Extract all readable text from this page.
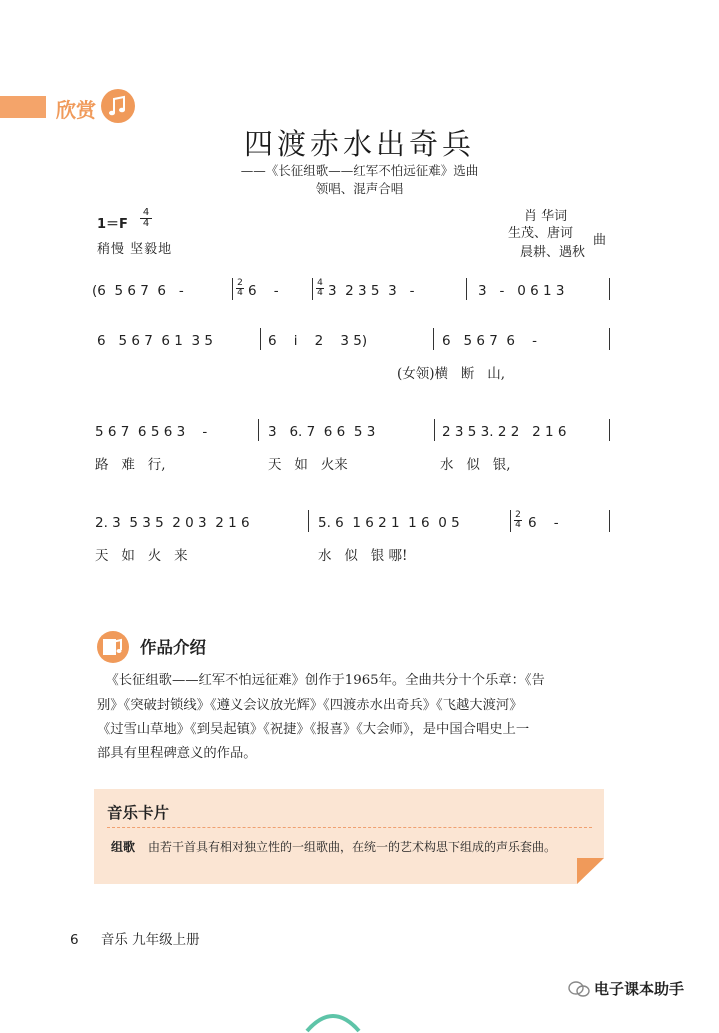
欣赏
四渡赤水出奇兵
——《长征组歌——红军不怕远征难》选曲
领唱、混声合唱
1＝F
4
4
稍慢 坚毅地
肖 华词
生茂、唐诃
晨耕、遇秋
曲
(6  5 6 7  6   -	2
4 6    -	4
4 3  2 3 5  3   -	3   -   0 6 1 3
6   5 6 7  6 1  3 5	6    i    2    3 5)	6   5 6 7  6    -
(女领)横   断   山,
5 6 7  6 5 6 3    -	3   6. 7  6 6  5 3	2 3 5 3. 2 2   2 1 6
路   难   行,	天   如   火来	水   似   银,
2. 3  5 3 5  2 0 3  2 1 6	5. 6  1 6 2 1  1 6  0 5	2
4 6    -
天   如   火   来	水   似   银 哪!
作品介绍
《长征组歌——红军不怕远征难》创作于1965年。全曲共分十个乐章：《告
别》《突破封锁线》《遵义会议放光辉》《四渡赤水出奇兵》《飞越大渡河》
《过雪山草地》《到吴起镇》《祝捷》《报喜》《大会师》，是中国合唱史上一
部具有里程碑意义的作品。
音乐卡片
组歌 由若干首具有相对独立性的一组歌曲，在统一的艺术构思下组成的声乐套曲。
6 音乐 九年级上册
电子课本助手
